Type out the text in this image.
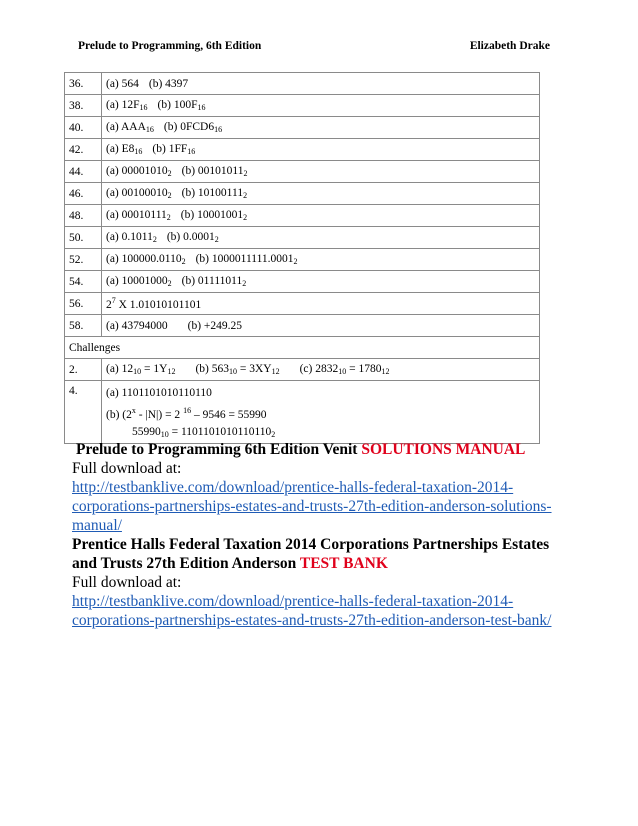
Prelude to Programming, 6th Edition	Elizabeth Drake
36.	(a) 564 (b) 4397
38.	(a) $12F_{16}$ (b) $100F_{16}$
40.	(a) $AAA_{16}$ (b) $0FCD6_{16}$
42.	(a) $E8_{16}$ (b) $1FF_{16}$
44.	(a) $00001010_2$ (b) $00101011_2$
46.	(a) $00100010_2$ (b) $10100111_2$
48.	(a) $00010111_2$ (b) $10001001_2$
50.	(a) $0.1011_2$ (b) $0.0001_2$
52.	(a) $100000.0110_2$ (b) $1000011111.0001_2$
54.	(a) $10001000_2$ (b) $01111011_2$
56.	$2^7$ X 1.01010101101
58.	(a) 43794000 (b) +249.25
Challenges	
2.	(a) $12_{10} = 1Y_{12}$ (b) $563_{10} = 3XY_{12}$ (c) $2832_{10} = 1780_{12}$
4.	(a) 1101101010110110
(b) (2$^x$ - |N|) = 2 $^{16}$ – 9546 = 55990
$55990_{10} = 1101101010110110_2$
Prelude to Programming 6th Edition Venit SOLUTIONS MANUAL
Full download at:
http://testbanklive.com/download/prentice-halls-federal-taxation-2014-corporations-partnerships-estates-and-trusts-27th-edition-anderson-solutions-manual/
Prentice Halls Federal Taxation 2014 Corporations Partnerships Estates and Trusts 27th Edition Anderson TEST BANK
Full download at:
http://testbanklive.com/download/prentice-halls-federal-taxation-2014-corporations-partnerships-estates-and-trusts-27th-edition-anderson-test-bank/
